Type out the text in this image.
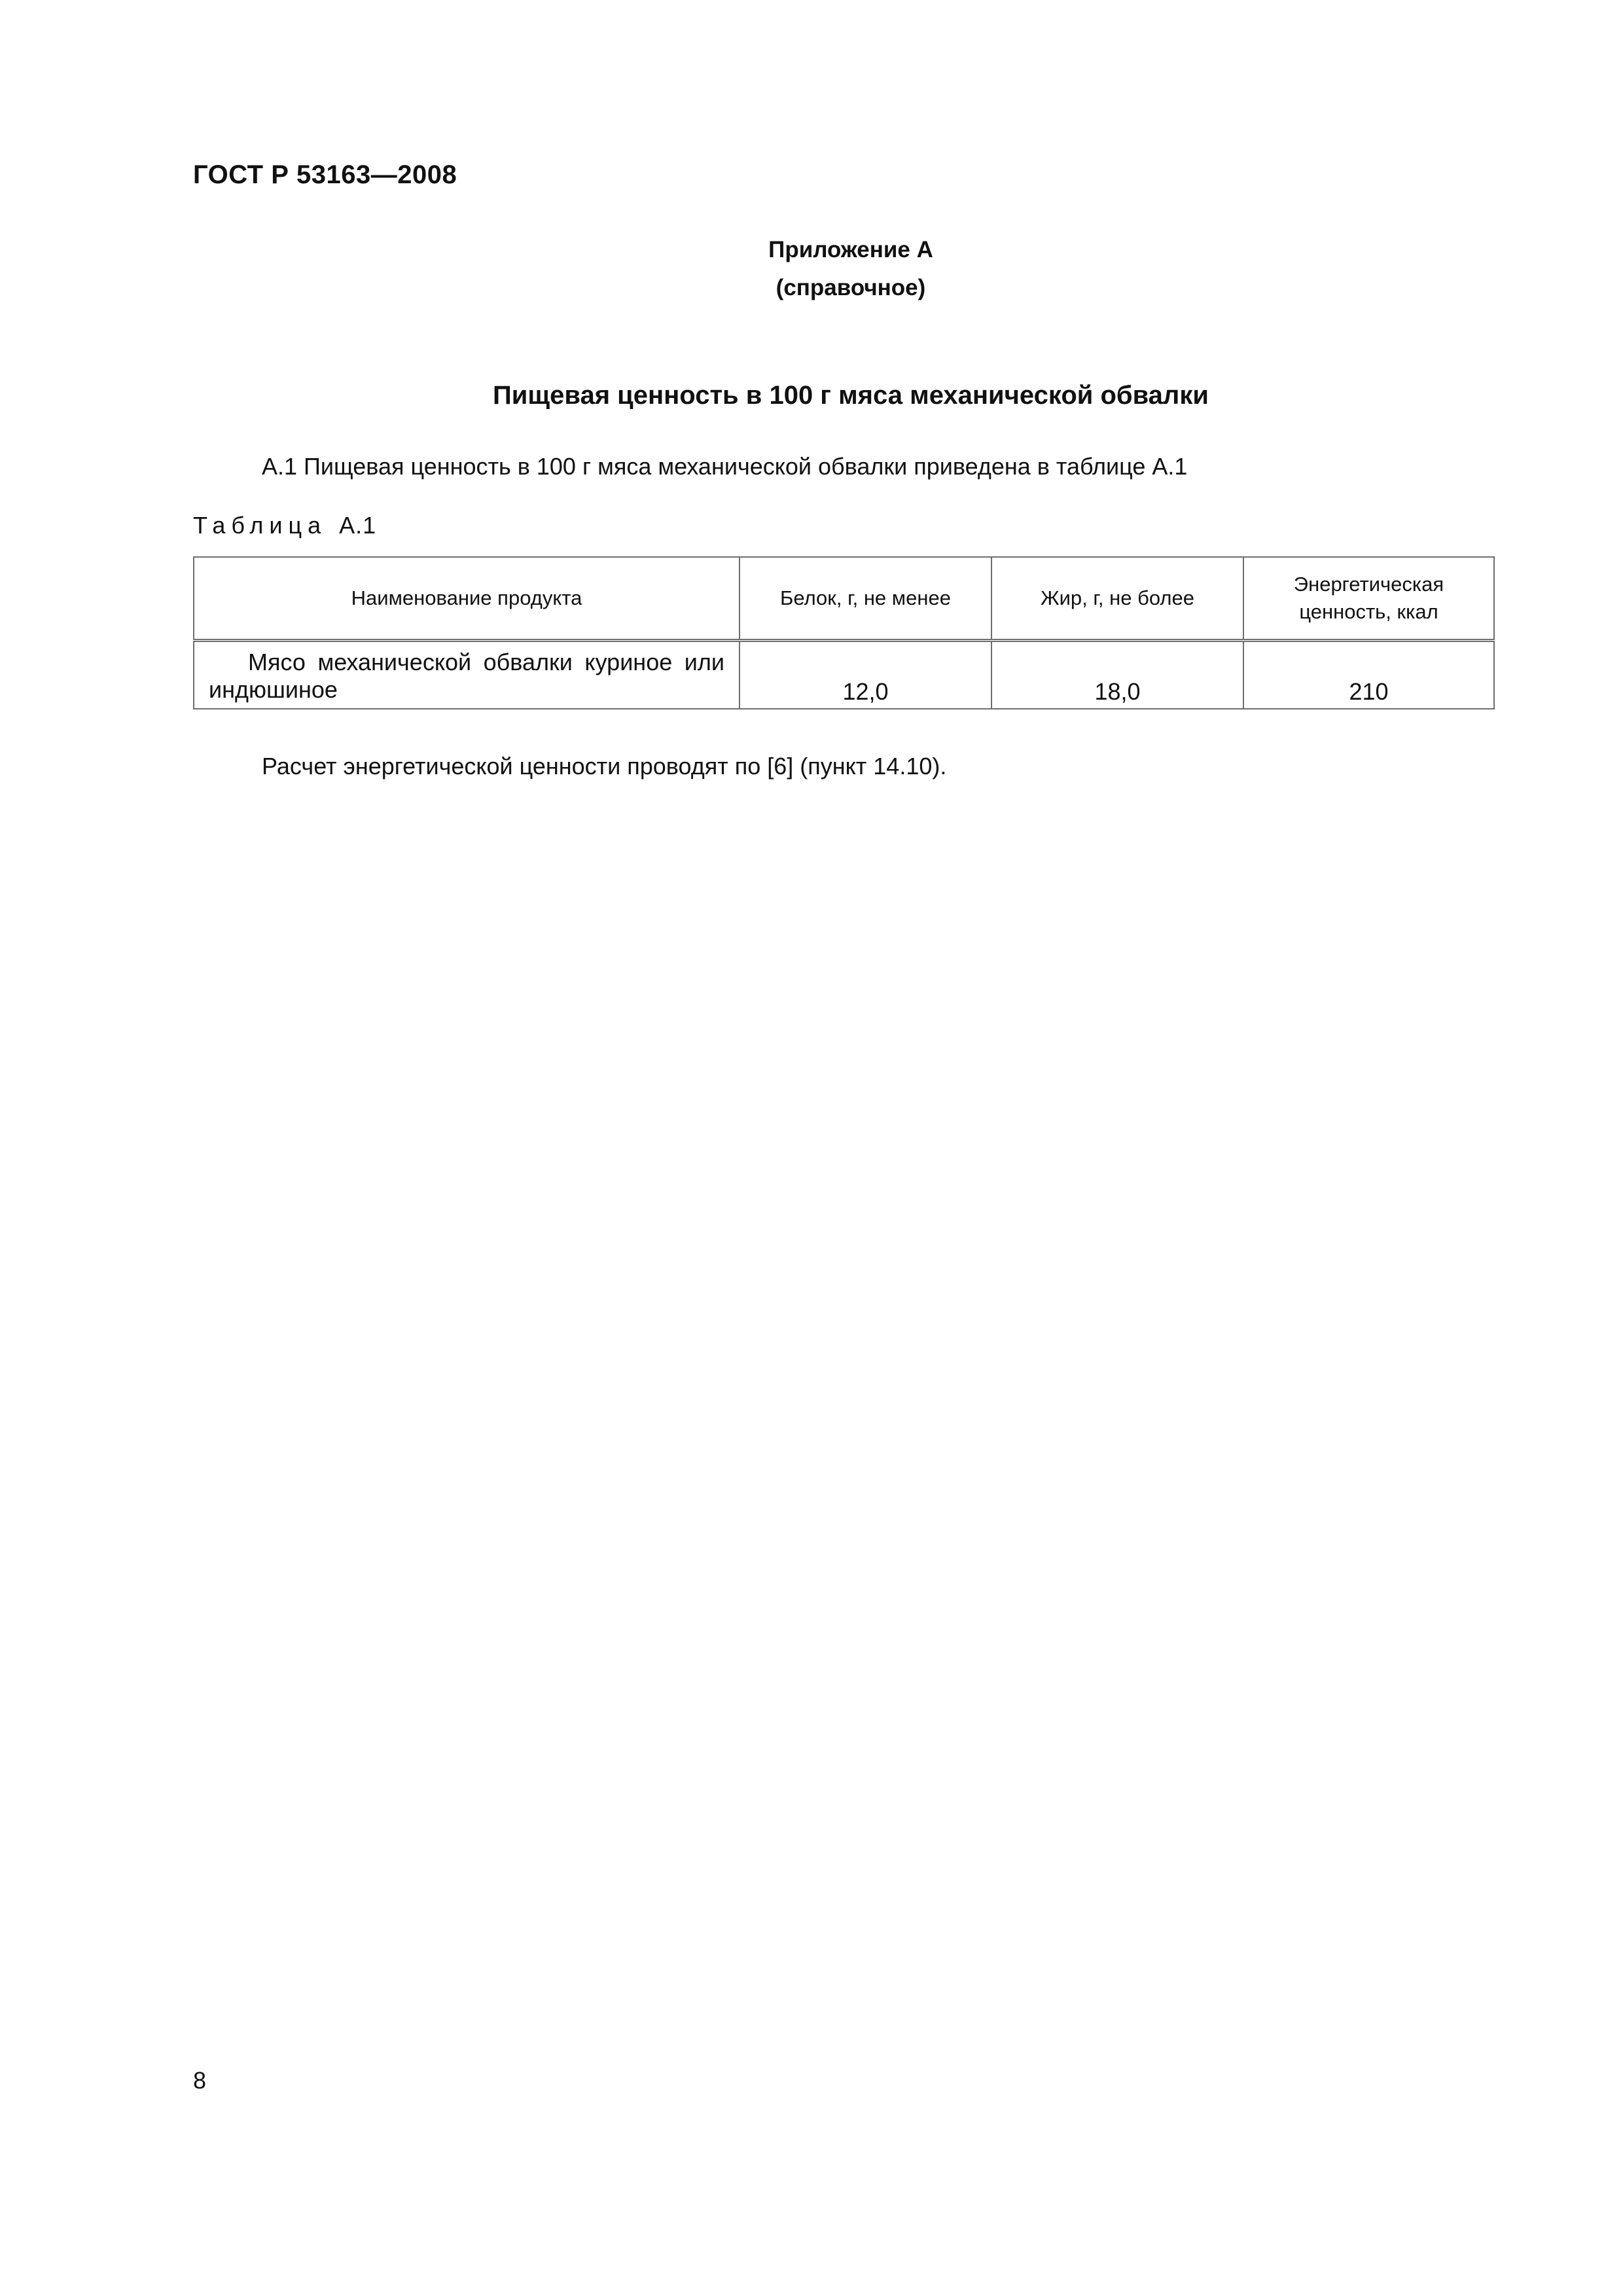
ГОСТ Р 53163—2008
Приложение А
(справочное)
Пищевая ценность в 100 г мяса механической обвалки
А.1 Пищевая ценность в 100 г мяса механической обвалки приведена в таблице А.1
Таблица А.1
Наименование продукта	Белок, г, не менее	Жир, г, не более	Энергетическая ценность, ккал
Мясо механической обвалки куриное или индюшиное	12,0	18,0	210
Расчет энергетической ценности проводят по [6] (пункт 14.10).
8
